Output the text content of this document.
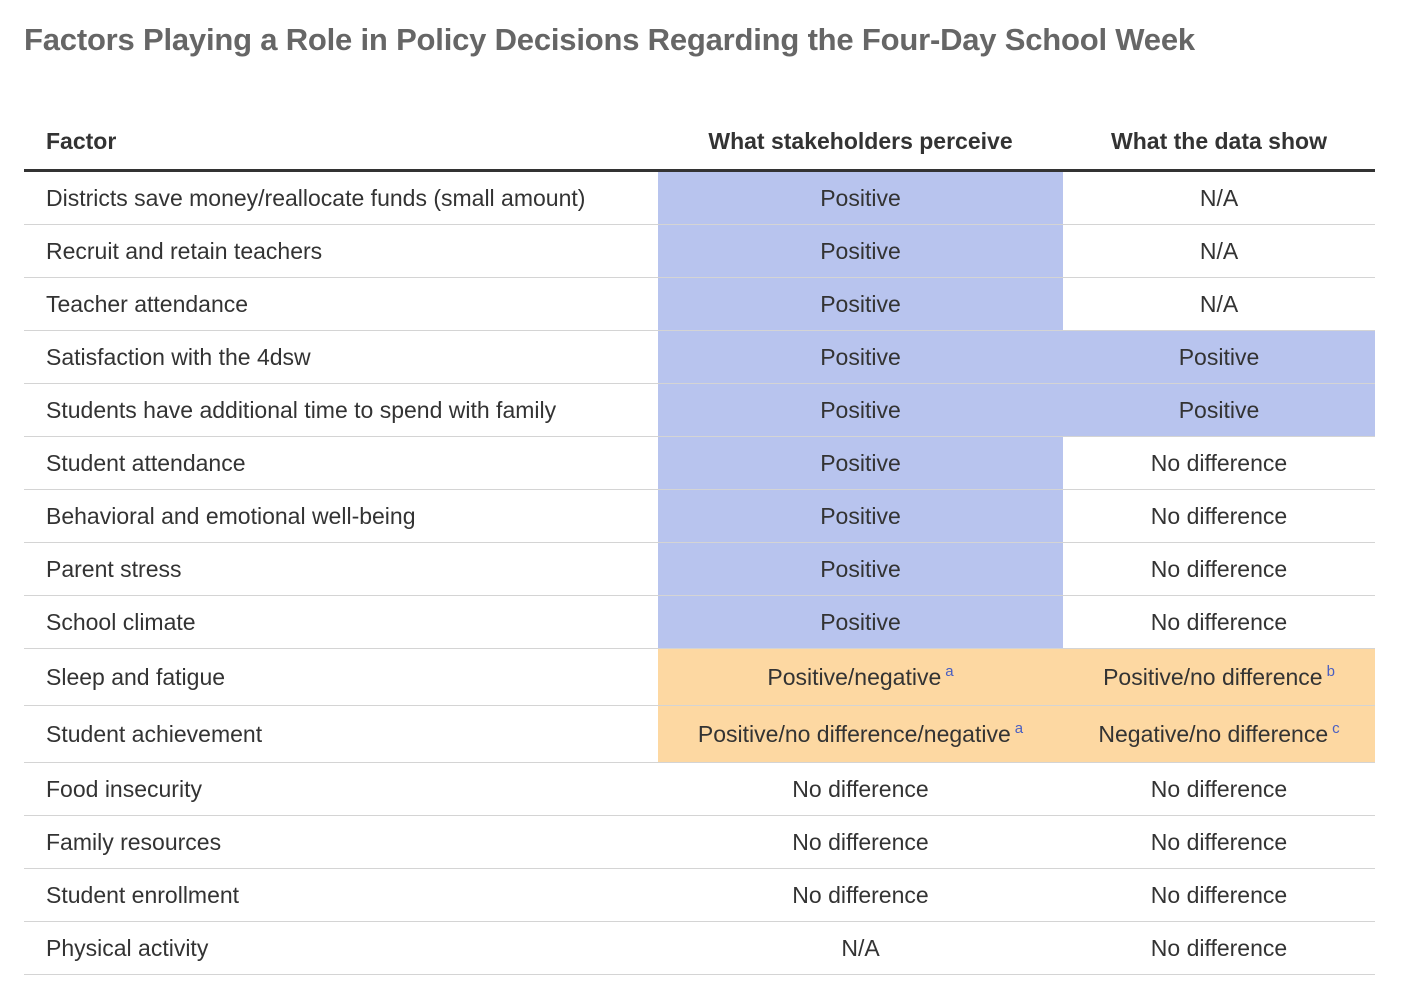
Factors Playing a Role in Policy Decisions Regarding the Four-Day School Week
Factor	What stakeholders perceive	What the data show
Districts save money/reallocate funds (small amount)	Positive	N/A
Recruit and retain teachers	Positive	N/A
Teacher attendance	Positive	N/A
Satisfaction with the 4dsw	Positive	Positive
Students have additional time to spend with family	Positive	Positive
Student attendance	Positive	No difference
Behavioral and emotional well-being	Positive	No difference
Parent stress	Positive	No difference
School climate	Positive	No difference
Sleep and fatigue	Positive/negative $^a$	Positive/no difference $^b$
Student achievement	Positive/no difference/negative $^a$	Negative/no difference $^c$
Food insecurity	No difference	No difference
Family resources	No difference	No difference
Student enrollment	No difference	No difference
Physical activity	N/A	No difference
